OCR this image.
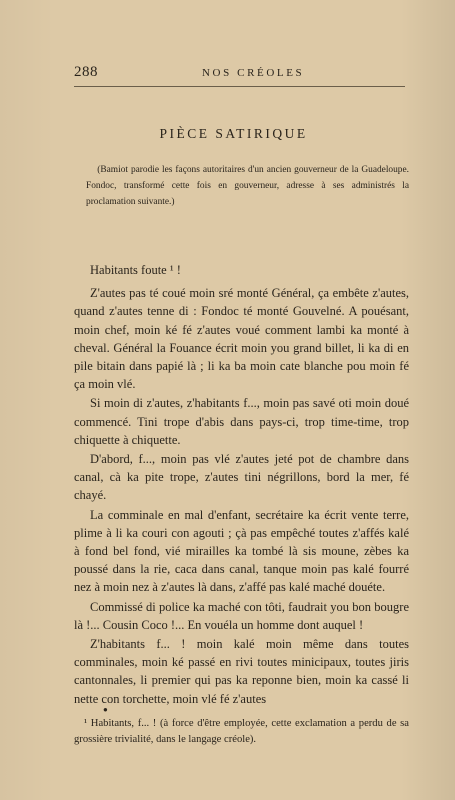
288	NOS CRÉOLES
PIÈCE SATIRIQUE
(Bamiot parodie les façons autoritaires d'un ancien gouverneur de la Guadeloupe. Fondoc, transformé cette fois en gouverneur, adresse à ses administrés la proclamation suivante.)

Habitants foute ¹ !

Z'autes pas té coué moin sré monté Général, ça embête z'autes, quand z'autes tenne di : Fondoc té monté Gouvelné. A pouésant, moin chef, moin ké fé z'autes voué comment lambi ka monté à cheval. Général la Fouance écrit moin you grand billet, li ka di en pile bitain dans papié là ; li ka ba moin cate blanche pou moin fé ça moin vlé.

Si moin di z'autes, z'habitants f..., moin pas savé oti moin doué commencé. Tini trope d'abis dans pays-ci, trop time-time, trop chiquette à chiquette.

D'abord, f..., moin pas vlé z'autes jeté pot de chambre dans canal, cà ka pite trope, z'autes tini négrillons, bord la mer, fé chayé.

La comminale en mal d'enfant, secrétaire ka écrit vente terre, plime à li ka couri con agouti ; çà pas empêché toutes z'affés kalé à fond bel fond, vié mirailles ka tombé là sis moune, zèbes ka poussé dans la rie, caca dans canal, tanque moin pas kalé fourré nez à moin nez à z'autes là dans, z'affé pas kalé maché douéte.

Commissé di police ka maché con tôti, faudrait you bon bougre là !... Cousin Coco !... En vouéla un homme dont auquel !

Z'habitants f... ! moin kalé moin même dans toutes comminales, moin ké passé en rivi toutes minicipaux, toutes jiris cantonnales, li premier qui pas ka reponne bien, moin ka cassé li nette con torchette, moin vlé fé z'autes

●
¹ Habitants, f... ! (à force d'être employée, cette exclamation a perdu de sa grossière trivialité, dans le langage créole).
